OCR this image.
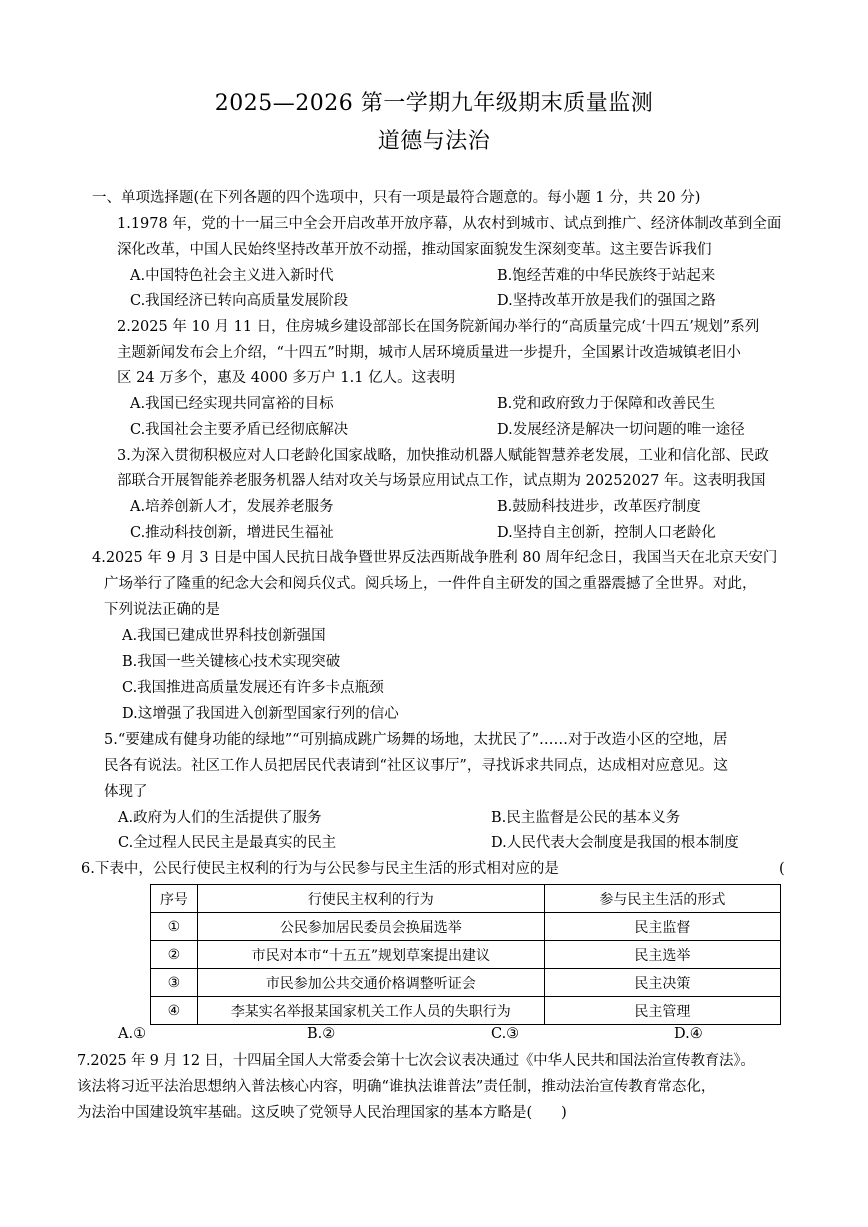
2025—2026 第一学期九年级期末质量监测
道德与法治
一、单项选择题(在下列各题的四个选项中，只有一项是最符合题意的。每小题 1 分，共 20 分)
1.1978 年，党的十一届三中全会开启改革开放序幕，从农村到城市、试点到推广、经济体制改革到全面
深化改革，中国人民始终坚持改革开放不动摇，推动国家面貌发生深刻变革。这主要告诉我们
A.中国特色社会主义进入新时代	B.饱经苦难的中华民族终于站起来
C.我国经济已转向高质量发展阶段	D.坚持改革开放是我们的强国之路
2.2025 年 10 月 11 日，住房城乡建设部部长在国务院新闻办举行的“高质量完成‘十四五’规划”系列
主题新闻发布会上介绍，“十四五”时期，城市人居环境质量进一步提升，全国累计改造城镇老旧小
区 24 万多个，惠及 4000 多万户 1.1 亿人。这表明
A.我国已经实现共同富裕的目标	B.党和政府致力于保障和改善民生
C.我国社会主要矛盾已经彻底解决	D.发展经济是解决一切问题的唯一途径
3.为深入贯彻积极应对人口老龄化国家战略，加快推动机器人赋能智慧养老发展，工业和信化部、民政
部联合开展智能养老服务机器人结对攻关与场景应用试点工作，试点期为 20252027 年。这表明我国
A.培养创新人才，发展养老服务	B.鼓励科技进步，改革医疗制度
C.推动科技创新，增进民生福祉	D.坚持自主创新，控制人口老龄化
4.2025 年 9 月 3 日是中国人民抗日战争暨世界反法西斯战争胜利 80 周年纪念日，我国当天在北京天安门
广场举行了隆重的纪念大会和阅兵仪式。阅兵场上，一件件自主研发的国之重器震撼了全世界。对此，
下列说法正确的是
A.我国已建成世界科技创新强国
B.我国一些关键核心技术实现突破
C.我国推进高质量发展还有许多卡点瓶颈
D.这增强了我国进入创新型国家行列的信心
5.“要建成有健身功能的绿地”“可别搞成跳广场舞的场地，太扰民了”……对于改造小区的空地，居
民各有说法。社区工作人员把居民代表请到“社区议事厅”，寻找诉求共同点，达成相对应意见。这
体现了
A.政府为人们的生活提供了服务	B.民主监督是公民的基本义务
C.全过程人民民主是最真实的民主	D.人民代表大会制度是我国的根本制度
6.下表中，公民行使民主权利的行为与公民参与民主生活的形式相对应的是	(
序号	行使民主权利的行为	参与民主生活的形式
①	公民参加居民委员会换届选举	民主监督
②	市民对本市“十五五”规划草案提出建议	民主选举
③	市民参加公共交通价格调整听证会	民主决策
④	李某实名举报某国家机关工作人员的失职行为	民主管理
A.①	B.②	C.③	D.④
7.2025 年 9 月 12 日，十四届全国人大常委会第十七次会议表决通过《中华人民共和国法治宣传教育法》。
该法将习近平法治思想纳入普法核心内容，明确“谁执法谁普法”责任制，推动法治宣传教育常态化，
为法治中国建设筑牢基础。这反映了党领导人民治理国家的基本方略是(　　)
